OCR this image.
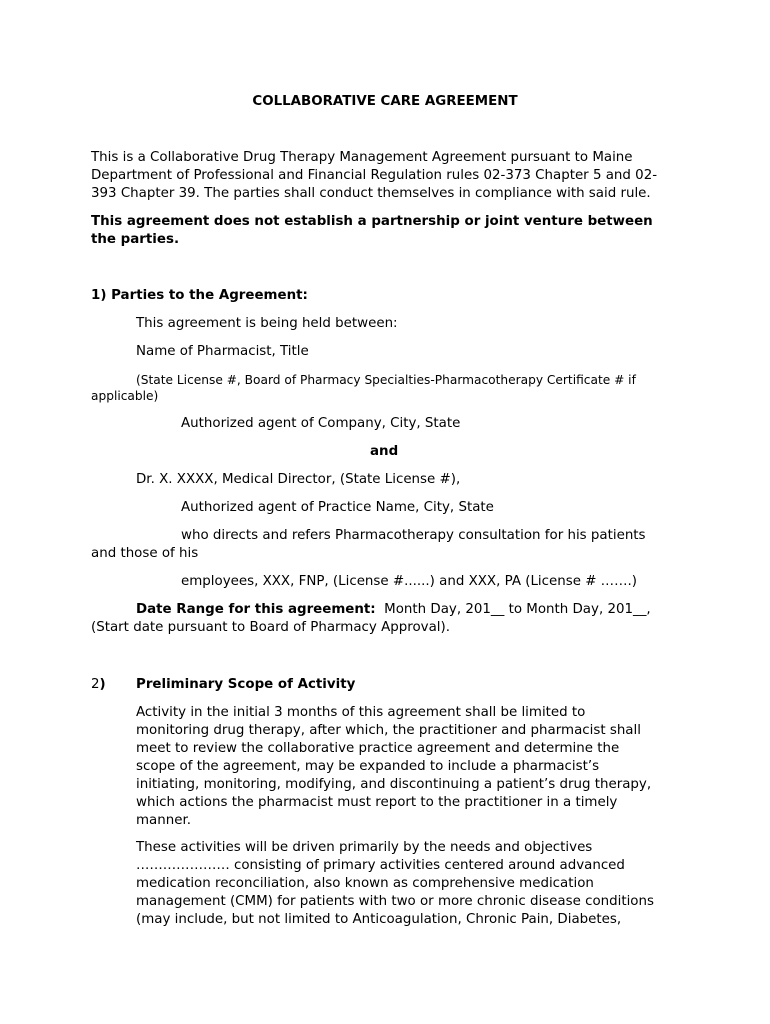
COLLABORATIVE CARE AGREEMENT
This is a Collaborative Drug Therapy Management Agreement pursuant to Maine
Department of Professional and Financial Regulation rules 02-373 Chapter 5 and 02-
393 Chapter 39. The parties shall conduct themselves in compliance with said rule.
This agreement does not establish a partnership or joint venture between
the parties.
1) Parties to the Agreement:
This agreement is being held between:
Name of Pharmacist, Title
(State License #, Board of Pharmacy Specialties-Pharmacotherapy Certificate # if
applicable)
Authorized agent of Company, City, State
and
Dr. X. XXXX, Medical Director, (State License #),
Authorized agent of Practice Name, City, State
who directs and refers Pharmacotherapy consultation for his patients
and those of his
employees, XXX, FNP, (License #......) and XXX, PA (License # …….)
Date Range for this agreement:  Month Day, 201__ to Month Day, 201__,
(Start date pursuant to Board of Pharmacy Approval).
2) Preliminary Scope of Activity
Activity in the initial 3 months of this agreement shall be limited to
monitoring drug therapy, after which, the practitioner and pharmacist shall
meet to review the collaborative practice agreement and determine the
scope of the agreement, may be expanded to include a pharmacist’s
initiating, monitoring, modifying, and discontinuing a patient’s drug therapy,
which actions the pharmacist must report to the practitioner in a timely
manner.
These activities will be driven primarily by the needs and objectives
………………… consisting of primary activities centered around advanced
medication reconciliation, also known as comprehensive medication
management (CMM) for patients with two or more chronic disease conditions
(may include, but not limited to Anticoagulation, Chronic Pain, Diabetes,
